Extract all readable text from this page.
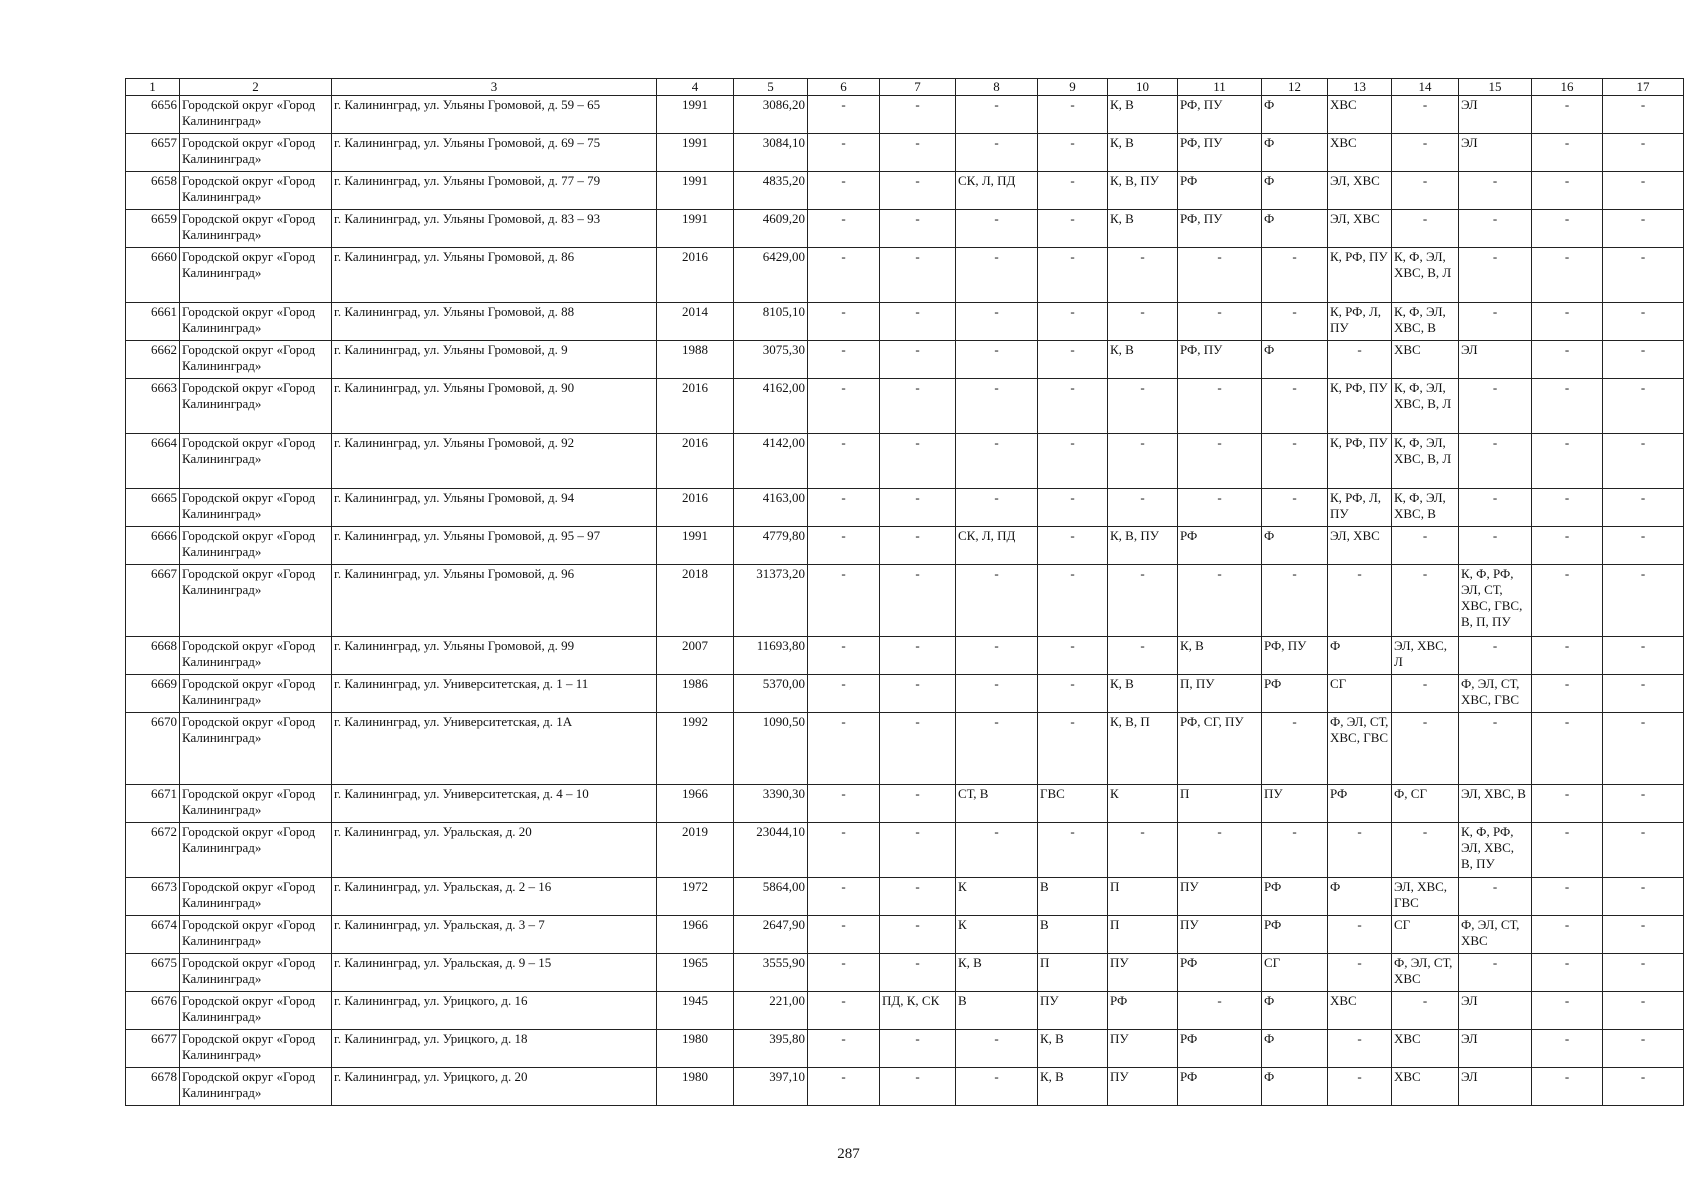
1	2	3	4	5	6	7	8	9	10	11	12	13	14	15	16	17
6656	Городской округ «Город Калининград»	г. Калининград, ул. Ульяны Громовой, д. 59 – 65	1991	3086,20	-	-	-	-	К, В	РФ, ПУ	Ф	ХВС	-	ЭЛ	-	-
6657	Городской округ «Город Калининград»	г. Калининград, ул. Ульяны Громовой, д. 69 – 75	1991	3084,10	-	-	-	-	К, В	РФ, ПУ	Ф	ХВС	-	ЭЛ	-	-
6658	Городской округ «Город Калининград»	г. Калининград, ул. Ульяны Громовой, д. 77 – 79	1991	4835,20	-	-	СК, Л, ПД	-	К, В, ПУ	РФ	Ф	ЭЛ, ХВС	-	-	-	-
6659	Городской округ «Город Калининград»	г. Калининград, ул. Ульяны Громовой, д. 83 – 93	1991	4609,20	-	-	-	-	К, В	РФ, ПУ	Ф	ЭЛ, ХВС	-	-	-	-
6660	Городской округ «Город Калининград»	г. Калининград, ул. Ульяны Громовой, д. 86	2016	6429,00	-	-	-	-	-	-	-	К, РФ, ПУ	К, Ф, ЭЛ, ХВС, В, Л	-	-	-
6661	Городской округ «Город Калининград»	г. Калининград, ул. Ульяны Громовой, д. 88	2014	8105,10	-	-	-	-	-	-	-	К, РФ, Л, ПУ	К, Ф, ЭЛ, ХВС, В	-	-	-
6662	Городской округ «Город Калининград»	г. Калининград, ул. Ульяны Громовой, д. 9	1988	3075,30	-	-	-	-	К, В	РФ, ПУ	Ф	-	ХВС	ЭЛ	-	-
6663	Городской округ «Город Калининград»	г. Калининград, ул. Ульяны Громовой, д. 90	2016	4162,00	-	-	-	-	-	-	-	К, РФ, ПУ	К, Ф, ЭЛ, ХВС, В, Л	-	-	-
6664	Городской округ «Город Калининград»	г. Калининград, ул. Ульяны Громовой, д. 92	2016	4142,00	-	-	-	-	-	-	-	К, РФ, ПУ	К, Ф, ЭЛ, ХВС, В, Л	-	-	-
6665	Городской округ «Город Калининград»	г. Калининград, ул. Ульяны Громовой, д. 94	2016	4163,00	-	-	-	-	-	-	-	К, РФ, Л, ПУ	К, Ф, ЭЛ, ХВС, В	-	-	-
6666	Городской округ «Город Калининград»	г. Калининград, ул. Ульяны Громовой, д. 95 – 97	1991	4779,80	-	-	СК, Л, ПД	-	К, В, ПУ	РФ	Ф	ЭЛ, ХВС	-	-	-	-
6667	Городской округ «Город Калининград»	г. Калининград, ул. Ульяны Громовой, д. 96	2018	31373,20	-	-	-	-	-	-	-	-	-	К, Ф, РФ, ЭЛ, СТ, ХВС, ГВС, В, П, ПУ	-	-
6668	Городской округ «Город Калининград»	г. Калининград, ул. Ульяны Громовой, д. 99	2007	11693,80	-	-	-	-	-	К, В	РФ, ПУ	Ф	ЭЛ, ХВС, Л	-	-	-
6669	Городской округ «Город Калининград»	г. Калининград, ул. Университетская, д. 1 – 11	1986	5370,00	-	-	-	-	К, В	П, ПУ	РФ	СГ	-	Ф, ЭЛ, СТ, ХВС, ГВС	-	-
6670	Городской округ «Город Калининград»	г. Калининград, ул. Университетская, д. 1А	1992	1090,50	-	-	-	-	К, В, П	РФ, СГ, ПУ	-	Ф, ЭЛ, СТ, ХВС, ГВС	-	-	-	-
6671	Городской округ «Город Калининград»	г. Калининград, ул. Университетская, д. 4 – 10	1966	3390,30	-	-	СТ, В	ГВС	К	П	ПУ	РФ	Ф, СГ	ЭЛ, ХВС, В	-	-
6672	Городской округ «Город Калининград»	г. Калининград, ул. Уральская, д. 20	2019	23044,10	-	-	-	-	-	-	-	-	-	К, Ф, РФ, ЭЛ, ХВС, В, ПУ	-	-
6673	Городской округ «Город Калининград»	г. Калининград, ул. Уральская, д. 2 – 16	1972	5864,00	-	-	К	В	П	ПУ	РФ	Ф	ЭЛ, ХВС, ГВС	-	-	-
6674	Городской округ «Город Калининград»	г. Калининград, ул. Уральская, д. 3 – 7	1966	2647,90	-	-	К	В	П	ПУ	РФ	-	СГ	Ф, ЭЛ, СТ, ХВС	-	-
6675	Городской округ «Город Калининград»	г. Калининград, ул. Уральская, д. 9 – 15	1965	3555,90	-	-	К, В	П	ПУ	РФ	СГ	-	Ф, ЭЛ, СТ, ХВС	-	-	-
6676	Городской округ «Город Калининград»	г. Калининград, ул. Урицкого, д. 16	1945	221,00	-	ПД, К, СК	В	ПУ	РФ	-	Ф	ХВС	-	ЭЛ	-	-
6677	Городской округ «Город Калининград»	г. Калининград, ул. Урицкого, д. 18	1980	395,80	-	-	-	К, В	ПУ	РФ	Ф	-	ХВС	ЭЛ	-	-
6678	Городской округ «Город Калининград»	г. Калининград, ул. Урицкого, д. 20	1980	397,10	-	-	-	К, В	ПУ	РФ	Ф	-	ХВС	ЭЛ	-	-
287
